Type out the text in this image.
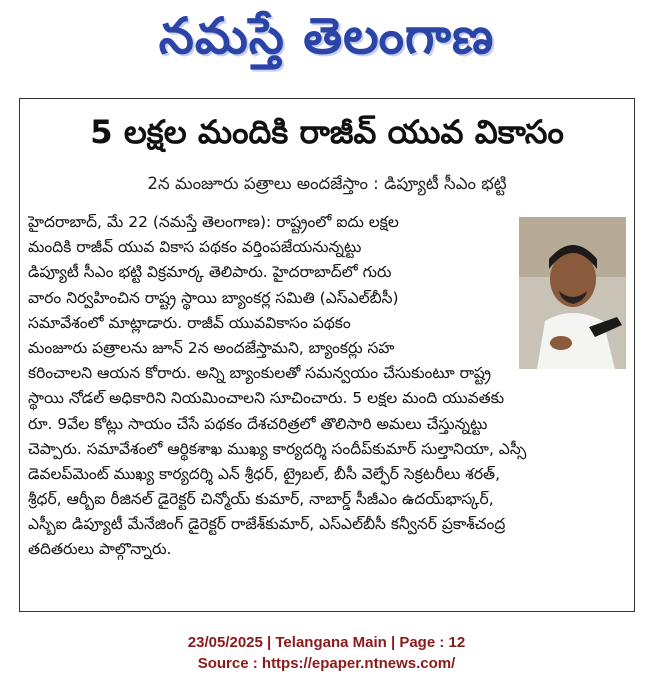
నమస్తే తెలంగాణ
5 లక్షల మందికి రాజీవ్ యువ వికాసం
2న మంజూరు పత్రాలు అందజేస్తాం : డిప్యూటీ సీఎం భట్టి
హైదరాబాద్, మే 22 (నమస్తే తెలంగాణ): రాష్ట్రంలో ఐదు లక్షల
మందికి రాజీవ్ యువ వికాస పథకం వర్తింపజేయనున్నట్టు
డిప్యూటీ సీఎం భట్టి విక్రమార్క తెలిపారు. హైదరాబాద్‌లో గురు
వారం నిర్వహించిన రాష్ట్ర స్థాయి బ్యాంకర్ల సమితి (ఎస్‌ఎల్‌బీసీ)
సమావేశంలో మాట్లాడారు. రాజీవ్ యువవికాసం పథకం
మంజూరు పత్రాలను జూన్ 2న అందజేస్తామని, బ్యాంకర్లు సహ
కరించాలని ఆయన కోరారు. అన్ని బ్యాంకులతో సమన్వయం చేసుకుంటూ రాష్ట్ర
స్థాయి నోడల్ అధికారిని నియమించాలని సూచించారు. 5 లక్షల మంది యువతకు
రూ. 9వేల కోట్లు సాయం చేసే పథకం దేశచరిత్రలో తొలిసారి అమలు చేస్తున్నట్టు
చెప్పారు. సమావేశంలో ఆర్థికశాఖ ముఖ్య కార్యదర్శి సందీప్‌కుమార్ సుల్తానియా, ఎస్సీ
డెవలప్‌మెంట్ ముఖ్య కార్యదర్శి ఎన్ శ్రీధర్, ట్రైబల్, బీసీ వెల్ఫేర్ సెక్రటరీలు శరత్,
శ్రీధర్, ఆర్బీఐ రీజినల్ డైరెక్టర్ చిన్మోయ్ కుమార్, నాబార్డ్ సీజీఎం ఉదయ్‌భాస్కర్,
ఎస్బీఐ డిప్యూటీ మేనేజింగ్ డైరెక్టర్ రాజేశ్‌కుమార్, ఎస్‌ఎల్‌బీసీ కన్వీనర్ ప్రకాశ్‌చంద్ర
తదితరులు పాల్గొన్నారు.
23/05/2025 | Telangana Main | Page : 12
Source : https://epaper.ntnews.com/
